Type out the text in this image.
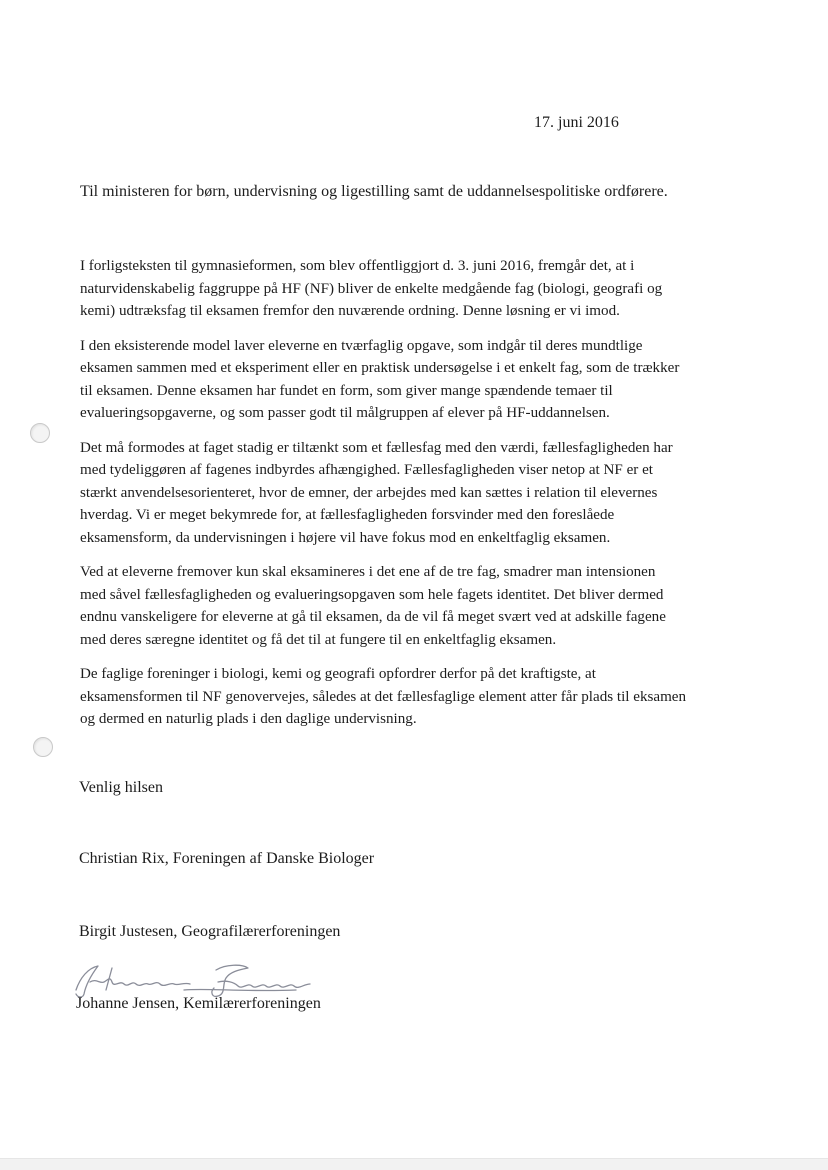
17. juni 2016
Til ministeren for børn, undervisning og ligestilling samt de uddannelsespolitiske ordførere.

I forligsteksten til gymnasieformen, som blev offentliggjort d. 3. juni 2016, fremgår det, at i
naturvidenskabelig faggruppe på HF (NF) bliver de enkelte medgående fag (biologi, geografi og
kemi) udtræksfag til eksamen fremfor den nuværende ordning. Denne løsning er vi imod.

I den eksisterende model laver eleverne en tværfaglig opgave, som indgår til deres mundtlige
eksamen sammen med et eksperiment eller en praktisk undersøgelse i et enkelt fag, som de trækker
til eksamen. Denne eksamen har fundet en form, som giver mange spændende temaer til
evalueringsopgaverne, og som passer godt til målgruppen af elever på HF-uddannelsen.

Det må formodes at faget stadig er tiltænkt som et fællesfag med den værdi, fællesfagligheden har
med tydeliggøren af fagenes indbyrdes afhængighed. Fællesfagligheden viser netop at NF er et
stærkt anvendelsesorienteret, hvor de emner, der arbejdes med kan sættes i relation til elevernes
hverdag. Vi er meget bekymrede for, at fællesfagligheden forsvinder med den foreslåede
eksamensform, da undervisningen i højere vil have fokus mod en enkeltfaglig eksamen.

Ved at eleverne fremover kun skal eksamineres i det ene af de tre fag, smadrer man intensionen
med såvel fællesfagligheden og evalueringsopgaven som hele fagets identitet. Det bliver dermed
endnu vanskeligere for eleverne at gå til eksamen, da de vil få meget svært ved at adskille fagene
med deres særegne identitet og få det til at fungere til en enkeltfaglig eksamen.

De faglige foreninger i biologi, kemi og geografi opfordrer derfor på det kraftigste, at
eksamensformen til NF genovervejes, således at det fællesfaglige element atter får plads til eksamen
og dermed en naturlig plads i den daglige undervisning.

Venlig hilsen
Christian Rix, Foreningen af Danske Biologer
Birgit Justesen, Geografilærerforeningen
Johanne Jensen, Kemilærerforeningen
